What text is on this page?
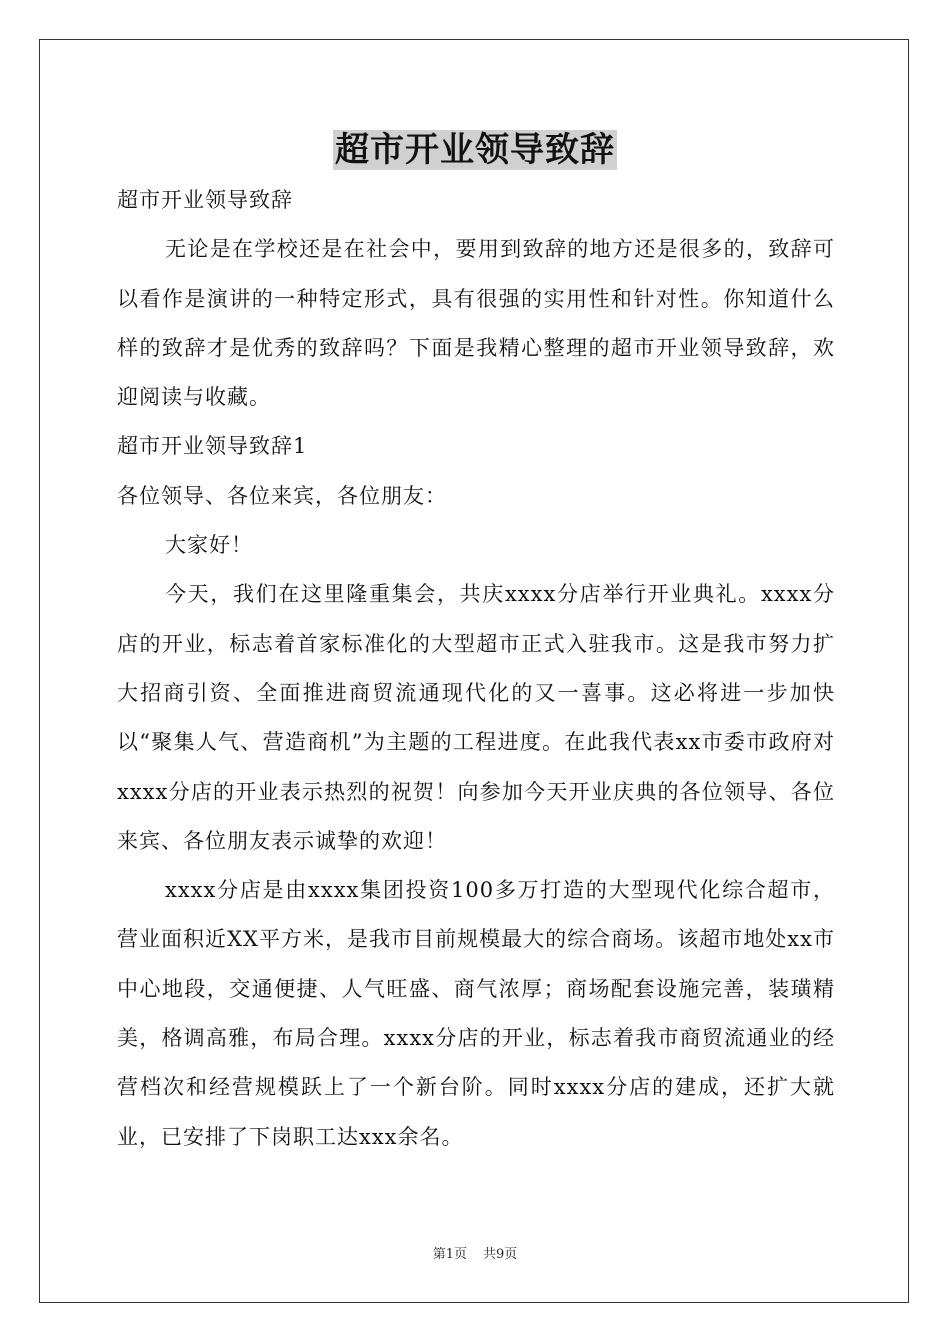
超市开业领导致辞

超市开业领导致辞

无论是在学校还是在社会中，要用到致辞的地方还是很多的，致辞可以看作是演讲的一种特定形式，具有很强的实用性和针对性。你知道什么样的致辞才是优秀的致辞吗？下面是我精心整理的超市开业领导致辞，欢迎阅读与收藏。

超市开业领导致辞1

各位领导、各位来宾，各位朋友：

大家好！

今天，我们在这里隆重集会，共庆xxxx分店举行开业典礼。xxxx分店的开业，标志着首家标准化的大型超市正式入驻我市。这是我市努力扩大招商引资、全面推进商贸流通现代化的又一喜事。这必将进一步加快以“聚集人气、营造商机”为主题的工程进度。在此我代表xx市委市政府对xxxx分店的开业表示热烈的祝贺！向参加今天开业庆典的各位领导、各位来宾、各位朋友表示诚挚的欢迎！

xxxx分店是由xxxx集团投资100多万打造的大型现代化综合超市，营业面积近XX平方米，是我市目前规模最大的综合商场。该超市地处xx市中心地段，交通便捷、人气旺盛、商气浓厚；商场配套设施完善，装璜精美，格调高雅，布局合理。xxxx分店的开业，标志着我市商贸流通业的经营档次和经营规模跃上了一个新台阶。同时xxxx分店的建成，还扩大就业，已安排了下岗职工达xxx余名。

第1页 共9页
